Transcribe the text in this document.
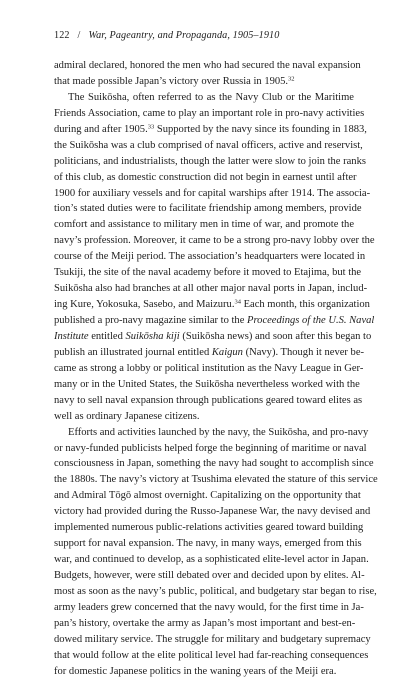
122 / War, Pageantry, and Propaganda, 1905–1910
admiral declared, honored the men who had secured the naval expansion
that made possible Japan’s victory over Russia in 1905.32
The Suikōsha, often referred to as the Navy Club or the Maritime
Friends Association, came to play an important role in pro-navy activities
during and after 1905.33 Supported by the navy since its founding in 1883,
the Suikōsha was a club comprised of naval officers, active and reservist,
politicians, and industrialists, though the latter were slow to join the ranks
of this club, as domestic construction did not begin in earnest until after
1900 for auxiliary vessels and for capital warships after 1914. The associa-
tion’s stated duties were to facilitate friendship among members, provide
comfort and assistance to military men in time of war, and promote the
navy’s profession. Moreover, it came to be a strong pro-navy lobby over the
course of the Meiji period. The association’s headquarters were located in
Tsukiji, the site of the naval academy before it moved to Etajima, but the
Suikōsha also had branches at all other major naval ports in Japan, includ-
ing Kure, Yokosuka, Sasebo, and Maizuru.$^{34}$ Each month, this organization
published a pro-navy magazine similar to the Proceedings of the U.S. Naval
Institute entitled Suikōsha kiji (Suikōsha news) and soon after this began to
publish an illustrated journal entitled Kaigun (Navy). Though it never be-
came as strong a lobby or political institution as the Navy League in Ger-
many or in the United States, the Suikōsha nevertheless worked with the
navy to sell naval expansion through publications geared toward elites as
well as ordinary Japanese citizens.
Efforts and activities launched by the navy, the Suikōsha, and pro-navy
or navy-funded publicists helped forge the beginning of maritime or naval
consciousness in Japan, something the navy had sought to accomplish since
the 1880s. The navy’s victory at Tsushima elevated the stature of this service
and Admiral Tōgō almost overnight. Capitalizing on the opportunity that
victory had provided during the Russo-Japanese War, the navy devised and
implemented numerous public-relations activities geared toward building
support for naval expansion. The navy, in many ways, emerged from this
war, and continued to develop, as a sophisticated elite-level actor in Japan.
Budgets, however, were still debated over and decided upon by elites. Al-
most as soon as the navy’s public, political, and budgetary star began to rise,
army leaders grew concerned that the navy would, for the first time in Ja-
pan’s history, overtake the army as Japan’s most important and best-en-
dowed military service. The struggle for military and budgetary supremacy
that would follow at the elite political level had far-reaching consequences
for domestic Japanese politics in the waning years of the Meiji era.
